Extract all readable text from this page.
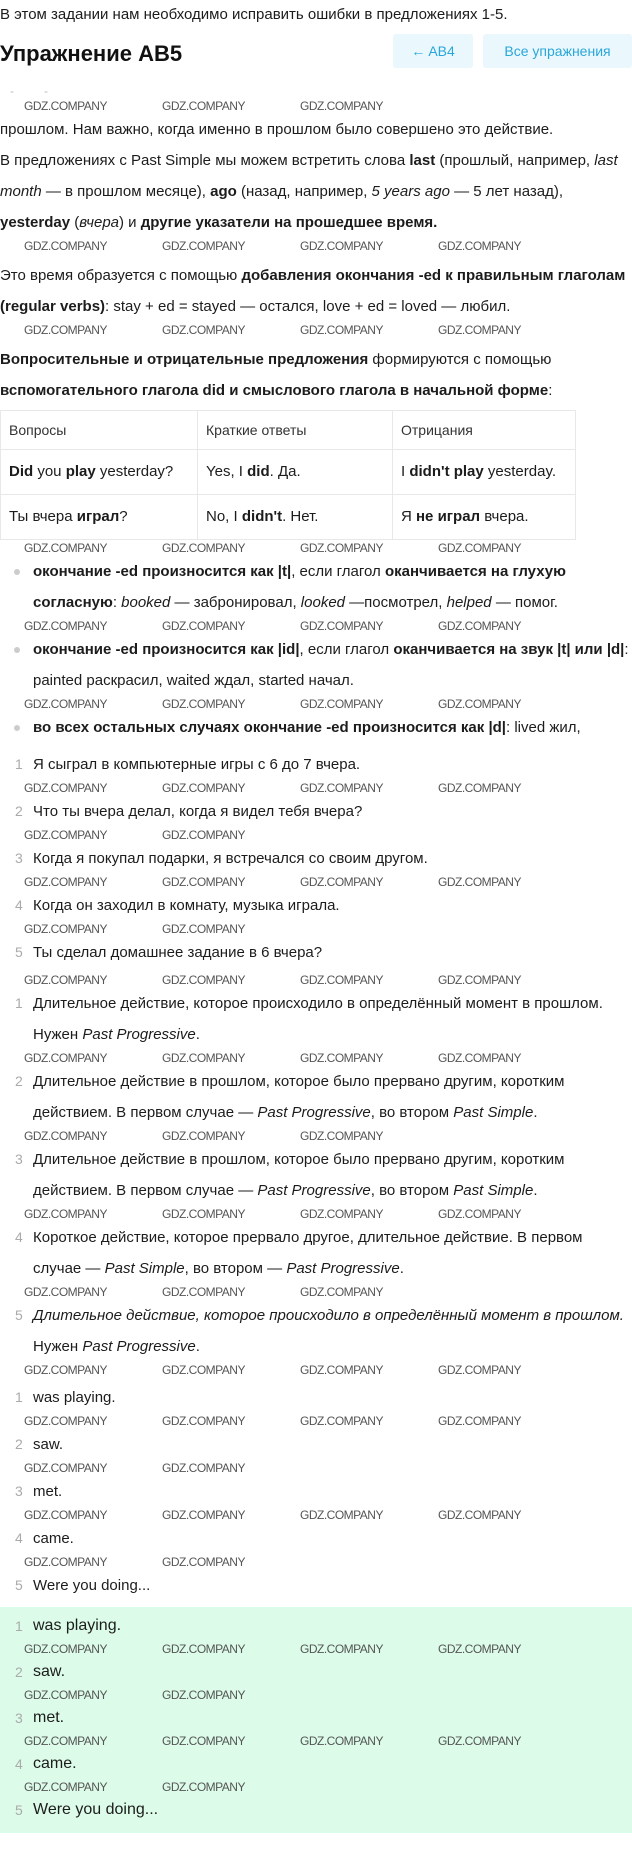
В этом задании нам необходимо исправить ошибки в предложениях 1-5.
Упражнение AB5	← AB4	Все упражнения
-         -
GDZ.COMPANY	GDZ.COMPANY	GDZ.COMPANY
прошлом. Нам важно, когда именно в прошлом было совершено это действие.
В предложениях с Past Simple мы можем встретить слова last (прошлый, например, last month — в прошлом месяце), ago (назад, например, 5 years ago — 5 лет назад), yesterday (вчера) и другие указатели на прошедшее время.
GDZ.COMPANY	GDZ.COMPANY	GDZ.COMPANY	GDZ.COMPANY
Это время образуется с помощью добавления окончания -ed к правильным глаголам (regular verbs): stay + ed = stayed — остался, love + ed = loved — любил.
GDZ.COMPANY	GDZ.COMPANY	GDZ.COMPANY	GDZ.COMPANY
Вопросительные и отрицательные предложения формируются с помощью вспомогательного глагола did и смыслового глагола в начальной форме:
Вопросы	Краткие ответы	Отрицания
Did you play yesterday?	Yes, I did. Да.	I didn't play yesterday.
Ты вчера играл?	No, I didn't. Нет.	Я не играл вчера.
GDZ.COMPANY	GDZ.COMPANY	GDZ.COMPANY	GDZ.COMPANY
окончание -ed произносится как |t|, если глагол оканчивается на глухую согласную: booked — забронировал, looked —посмотрел, helped — помог.
GDZ.COMPANY	GDZ.COMPANY	GDZ.COMPANY	GDZ.COMPANY
окончание -ed произносится как |id|, если глагол оканчивается на звук |t| или |d|: painted раскрасил, waited ждал, started начал.
GDZ.COMPANY	GDZ.COMPANY	GDZ.COMPANY	GDZ.COMPANY
во всех остальных случаях окончание -ed произносится как |d|: lived жил,
1 Я сыграл в компьютерные игры с 6 до 7 вчера.
GDZ.COMPANY	GDZ.COMPANY	GDZ.COMPANY	GDZ.COMPANY
2 Что ты вчера делал, когда я видел тебя вчера?
GDZ.COMPANY	GDZ.COMPANY
3 Когда я покупал подарки, я встречался со своим другом.
GDZ.COMPANY	GDZ.COMPANY	GDZ.COMPANY	GDZ.COMPANY
4 Когда он заходил в комнату, музыка играла.
GDZ.COMPANY	GDZ.COMPANY
5 Ты сделал домашнее задание в 6 вчера?
GDZ.COMPANY	GDZ.COMPANY	GDZ.COMPANY	GDZ.COMPANY
1 Длительное действие, которое происходило в определённый момент в прошлом. Нужен Past Progressive.
GDZ.COMPANY	GDZ.COMPANY	GDZ.COMPANY	GDZ.COMPANY
2 Длительное действие в прошлом, которое было прервано другим, коротким действием. В первом случае — Past Progressive, во втором Past Simple.
GDZ.COMPANY	GDZ.COMPANY	GDZ.COMPANY
3 Длительное действие в прошлом, которое было прервано другим, коротким действием. В первом случае — Past Progressive, во втором Past Simple.
GDZ.COMPANY	GDZ.COMPANY	GDZ.COMPANY	GDZ.COMPANY
4 Короткое действие, которое прервало другое, длительное действие. В первом случае — Past Simple, во втором — Past Progressive.
GDZ.COMPANY	GDZ.COMPANY	GDZ.COMPANY
5 Длительное действие, которое происходило в определённый момент в прошлом. Нужен Past Progressive.
GDZ.COMPANY	GDZ.COMPANY	GDZ.COMPANY	GDZ.COMPANY
1 was playing.
GDZ.COMPANY	GDZ.COMPANY	GDZ.COMPANY	GDZ.COMPANY
2 saw.
GDZ.COMPANY	GDZ.COMPANY
3 met.
GDZ.COMPANY	GDZ.COMPANY	GDZ.COMPANY	GDZ.COMPANY
4 came.
GDZ.COMPANY	GDZ.COMPANY
5 Were you doing...
1 was playing.
GDZ.COMPANY	GDZ.COMPANY	GDZ.COMPANY	GDZ.COMPANY
2 saw.
GDZ.COMPANY	GDZ.COMPANY
3 met.
GDZ.COMPANY	GDZ.COMPANY	GDZ.COMPANY	GDZ.COMPANY
4 came.
GDZ.COMPANY	GDZ.COMPANY
5 Were you doing...
